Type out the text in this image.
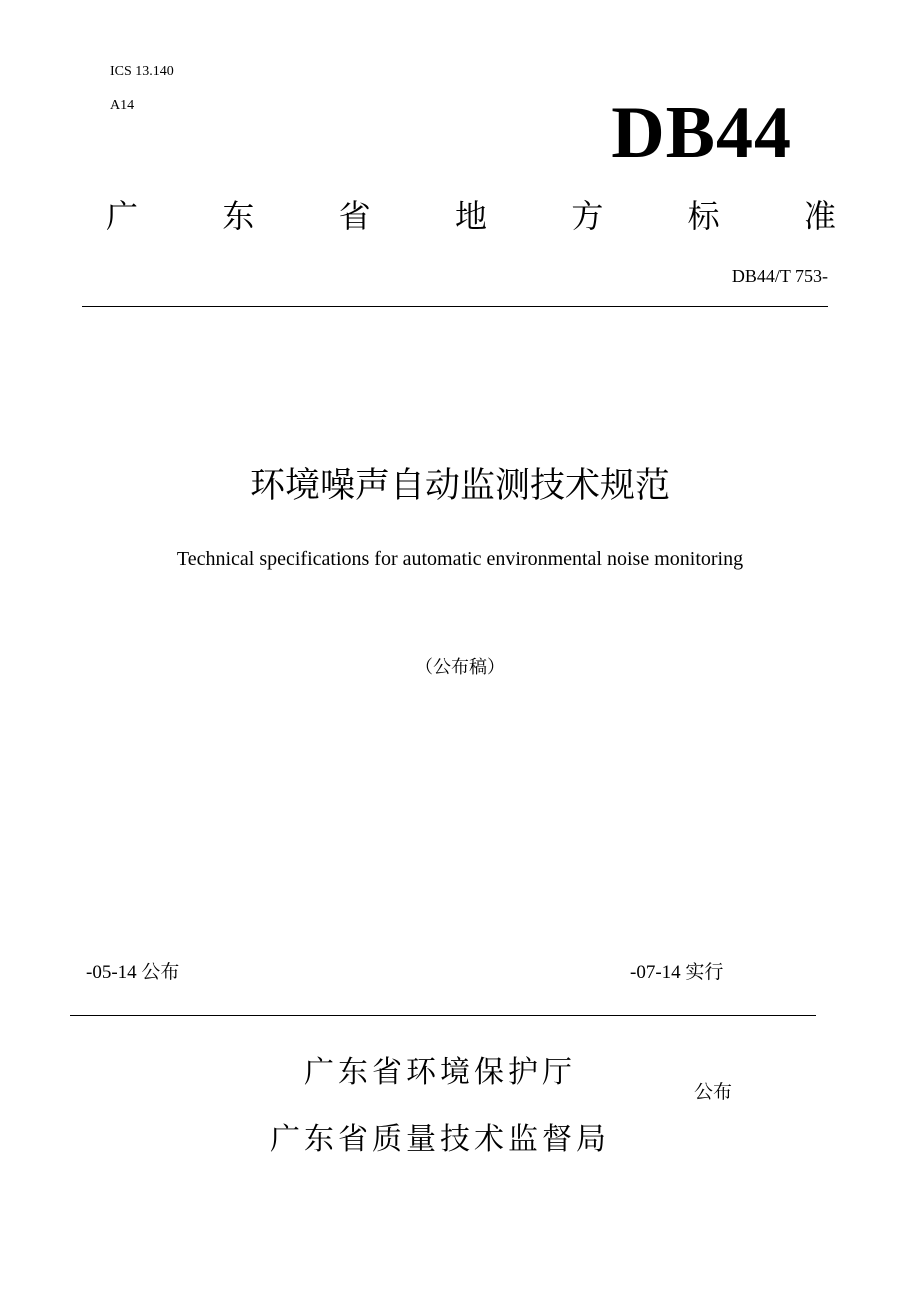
ICS 13.140
A14	DB44
广	东	省	地	方	标	准
DB44/T 753-
环境噪声自动监测技术规范
Technical specifications for automatic environmental noise monitoring
（公布稿）
-05-14 公布	-07-14 实行
广东省环境保护厅
公布
广东省质量技术监督局
